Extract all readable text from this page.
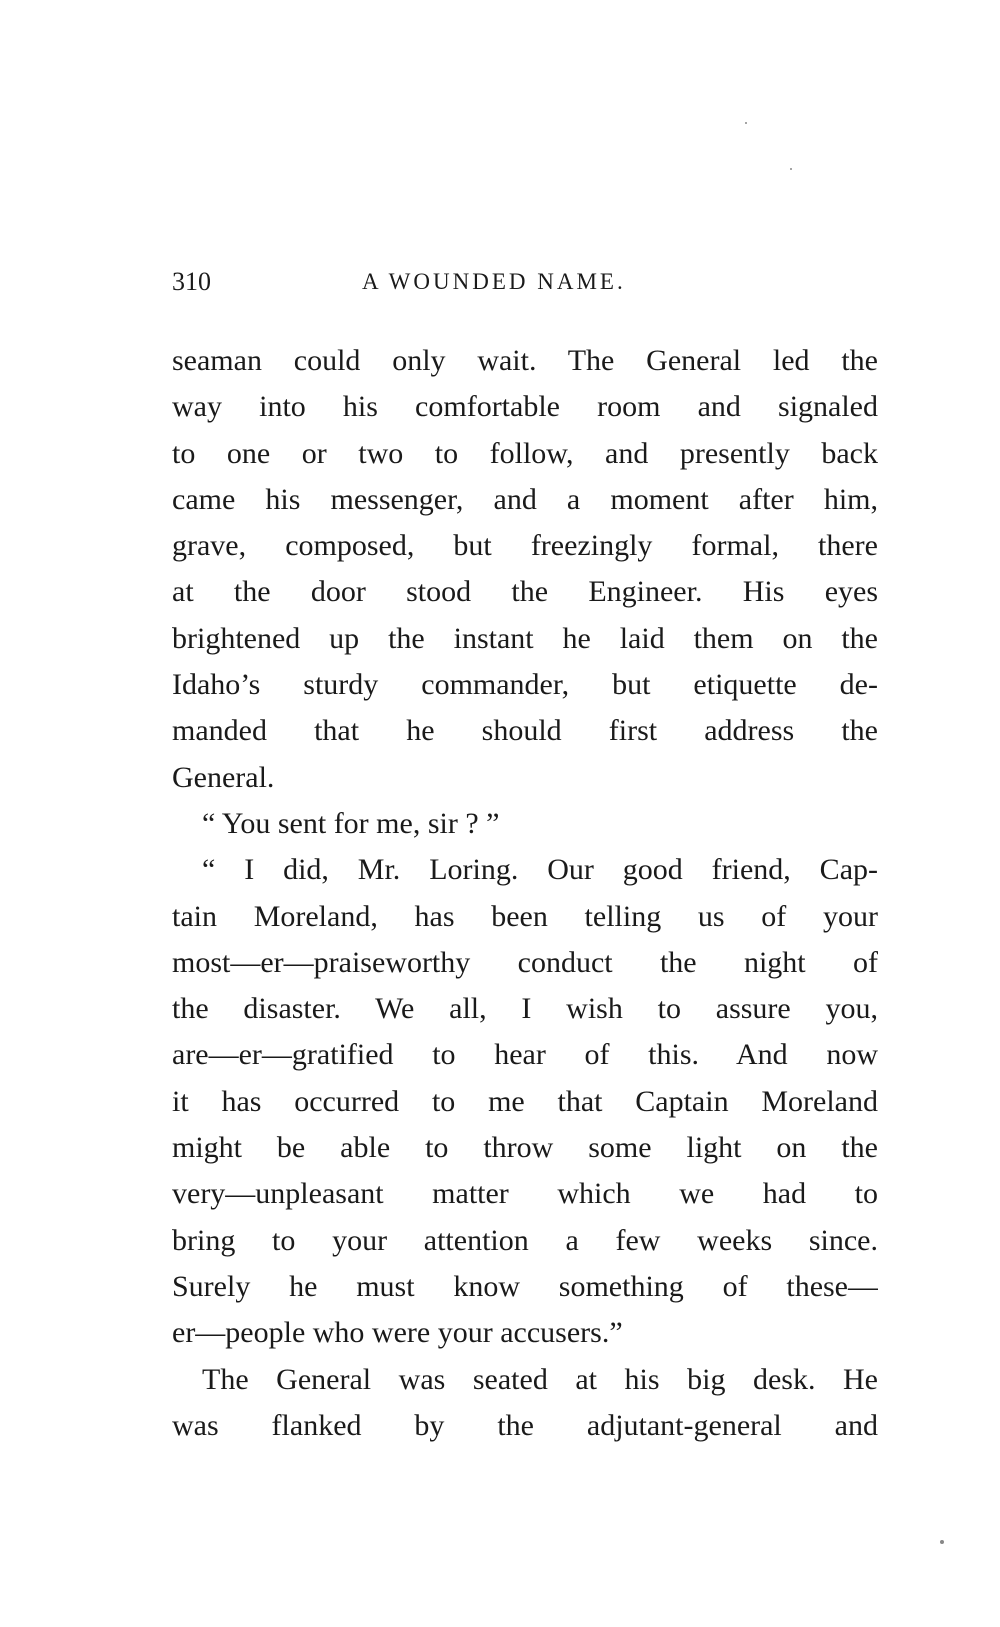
310	A WOUNDED NAME.
seaman could only wait. The General led the
way into his comfortable room and signaled
to one or two to follow, and presently back
came his messenger, and a moment after him,
grave, composed, but freezingly formal, there
at the door stood the Engineer. His eyes
brightened up the instant he laid them on the
Idaho’s sturdy commander, but etiquette de-
manded that he should first address the
General.
“ You sent for me, sir ? ”
“ I did, Mr. Loring. Our good friend, Cap-
tain Moreland, has been telling us of your
most—er—praiseworthy conduct the night of
the disaster. We all, I wish to assure you,
are—er—gratified to hear of this. And now
it has occurred to me that Captain Moreland
might be able to throw some light on the
very—unpleasant matter which we had to
bring to your attention a few weeks since.
Surely he must know something of these—
er—people who were your accusers.”
The General was seated at his big desk. He
was flanked by the adjutant-general and
